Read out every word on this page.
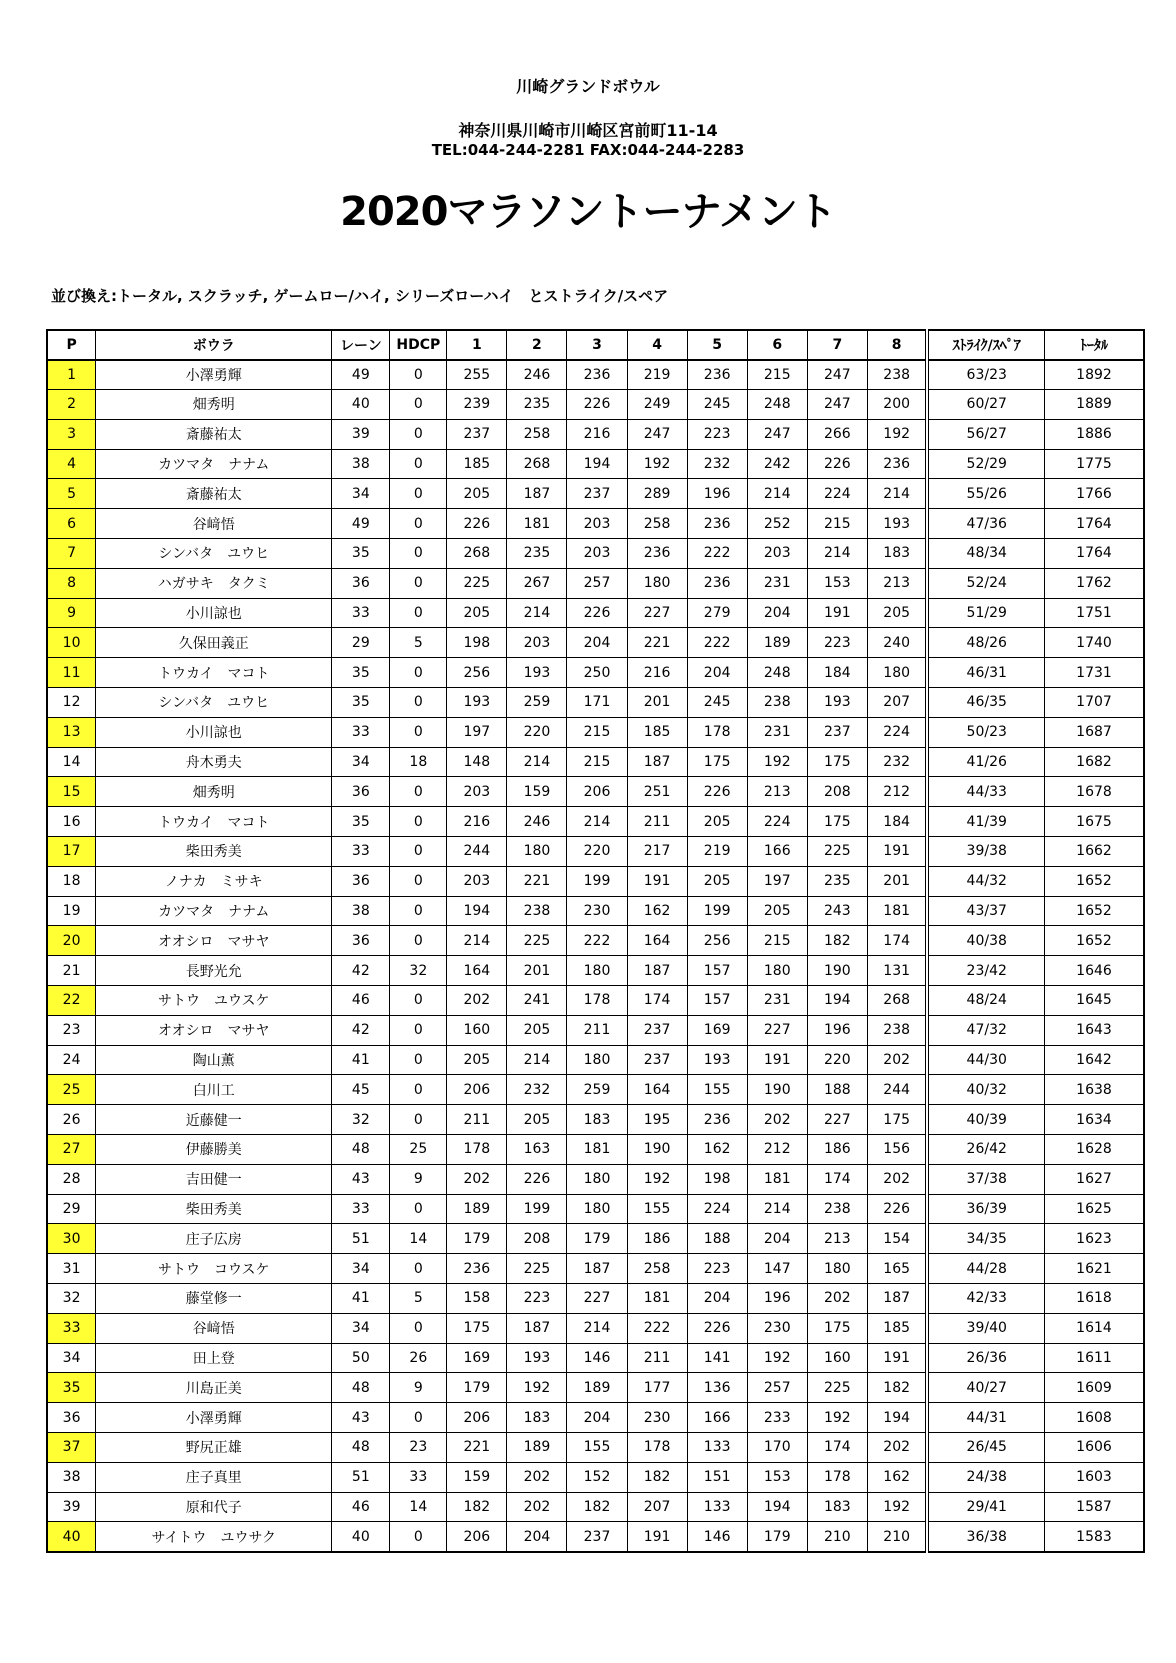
川崎グランドボウル
神奈川県川崎市川崎区宮前町11-14
TEL:044-244-2281 FAX:044-244-2283
2020マラソントーナメント
並び換え:トータル, スクラッチ, ゲームロー/ハイ, シリーズローハイ　とストライク/スペア
P	ボウラ	レーン	HDCP	1	2	3	4	5	6	7	8	ｽﾄﾗｲｸ/ｽﾍﾟｱ	ﾄｰﾀﾙ
1	小澤勇輝	49	0	255	246	236	219	236	215	247	238	63/23	1892
2	畑秀明	40	0	239	235	226	249	245	248	247	200	60/27	1889
3	斎藤祐太	39	0	237	258	216	247	223	247	266	192	56/27	1886
4	カツマタ　ナナム	38	0	185	268	194	192	232	242	226	236	52/29	1775
5	斎藤祐太	34	0	205	187	237	289	196	214	224	214	55/26	1766
6	谷﨑悟	49	0	226	181	203	258	236	252	215	193	47/36	1764
7	シンバタ　ユウヒ	35	0	268	235	203	236	222	203	214	183	48/34	1764
8	ハガサキ　タクミ	36	0	225	267	257	180	236	231	153	213	52/24	1762
9	小川諒也	33	0	205	214	226	227	279	204	191	205	51/29	1751
10	久保田義正	29	5	198	203	204	221	222	189	223	240	48/26	1740
11	トウカイ　マコト	35	0	256	193	250	216	204	248	184	180	46/31	1731
12	シンバタ　ユウヒ	35	0	193	259	171	201	245	238	193	207	46/35	1707
13	小川諒也	33	0	197	220	215	185	178	231	237	224	50/23	1687
14	舟木勇夫	34	18	148	214	215	187	175	192	175	232	41/26	1682
15	畑秀明	36	0	203	159	206	251	226	213	208	212	44/33	1678
16	トウカイ　マコト	35	0	216	246	214	211	205	224	175	184	41/39	1675
17	柴田秀美	33	0	244	180	220	217	219	166	225	191	39/38	1662
18	ノナカ　ミサキ	36	0	203	221	199	191	205	197	235	201	44/32	1652
19	カツマタ　ナナム	38	0	194	238	230	162	199	205	243	181	43/37	1652
20	オオシロ　マサヤ	36	0	214	225	222	164	256	215	182	174	40/38	1652
21	長野光允	42	32	164	201	180	187	157	180	190	131	23/42	1646
22	サトウ　ユウスケ	46	0	202	241	178	174	157	231	194	268	48/24	1645
23	オオシロ　マサヤ	42	0	160	205	211	237	169	227	196	238	47/32	1643
24	陶山薫	41	0	205	214	180	237	193	191	220	202	44/30	1642
25	白川工	45	0	206	232	259	164	155	190	188	244	40/32	1638
26	近藤健一	32	0	211	205	183	195	236	202	227	175	40/39	1634
27	伊藤勝美	48	25	178	163	181	190	162	212	186	156	26/42	1628
28	吉田健一	43	9	202	226	180	192	198	181	174	202	37/38	1627
29	柴田秀美	33	0	189	199	180	155	224	214	238	226	36/39	1625
30	庄子広房	51	14	179	208	179	186	188	204	213	154	34/35	1623
31	サトウ　コウスケ	34	0	236	225	187	258	223	147	180	165	44/28	1621
32	藤堂修一	41	5	158	223	227	181	204	196	202	187	42/33	1618
33	谷﨑悟	34	0	175	187	214	222	226	230	175	185	39/40	1614
34	田上登	50	26	169	193	146	211	141	192	160	191	26/36	1611
35	川島正美	48	9	179	192	189	177	136	257	225	182	40/27	1609
36	小澤勇輝	43	0	206	183	204	230	166	233	192	194	44/31	1608
37	野尻正雄	48	23	221	189	155	178	133	170	174	202	26/45	1606
38	庄子真里	51	33	159	202	152	182	151	153	178	162	24/38	1603
39	原和代子	46	14	182	202	182	207	133	194	183	192	29/41	1587
40	サイトウ　ユウサク	40	0	206	204	237	191	146	179	210	210	36/38	1583
